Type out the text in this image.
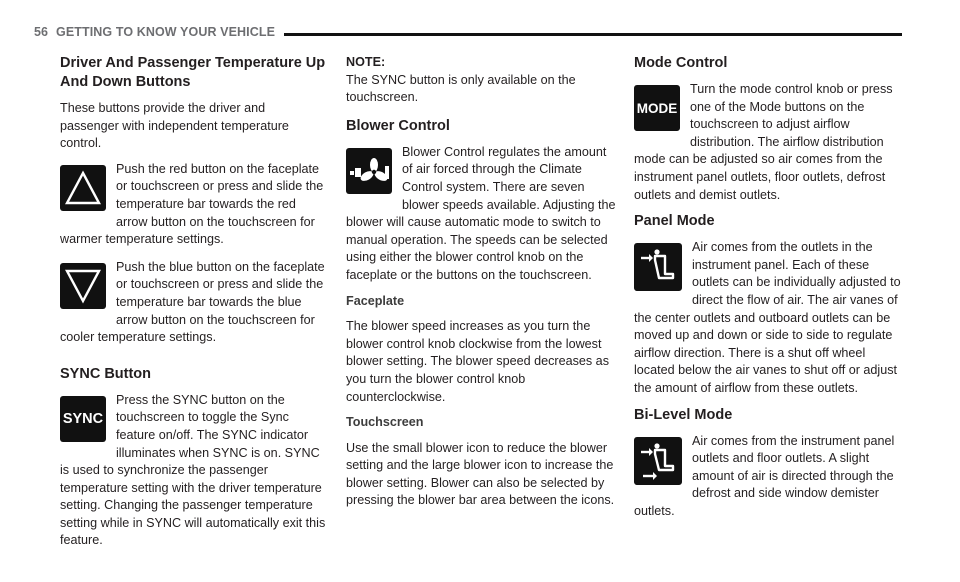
56 GETTING TO KNOW YOUR VEHICLE
Driver And Passenger Temperature Up And Down Buttons

These buttons provide the driver and passenger with independent temperature control.

Push the red button on the faceplate or touchscreen or press and slide the temperature bar towards the red arrow button on the touchscreen for warmer temperature settings.

Push the blue button on the faceplate or touchscreen or press and slide the temperature bar towards the blue arrow button on the touchscreen for cooler temperature settings.

SYNC Button
SYNC

Press the SYNC button on the touchscreen to toggle the Sync feature on/off. The SYNC indicator illuminates when SYNC is on. SYNC is used to synchronize the passenger temperature setting with the driver temperature setting. Changing the passenger temperature setting while in SYNC will automatically exit this feature.

NOTE:
The SYNC button is only available on the touchscreen.

Blower Control

Blower Control regulates the amount of air forced through the Climate Control system. There are seven blower speeds available. Adjusting the blower will cause automatic mode to switch to manual operation. The speeds can be selected using either the blower control knob on the faceplate or the buttons on the touchscreen.

Faceplate

The blower speed increases as you turn the blower control knob clockwise from the lowest blower setting. The blower speed decreases as you turn the blower control knob counterclockwise.

Touchscreen

Use the small blower icon to reduce the blower setting and the large blower icon to increase the blower setting. Blower can also be selected by pressing the blower bar area between the icons.

Mode Control
MODE

Turn the mode control knob or press one of the Mode buttons on the touchscreen to adjust airflow distribution. The airflow distribution mode can be adjusted so air comes from the instrument panel outlets, floor outlets, defrost outlets and demist outlets.

Panel Mode

Air comes from the outlets in the instrument panel. Each of these outlets can be individually adjusted to direct the flow of air. The air vanes of the center outlets and outboard outlets can be moved up and down or side to side to regulate airflow direction. There is a shut off wheel located below the air vanes to shut off or adjust the amount of airflow from these outlets.

Bi-Level Mode

Air comes from the instrument panel outlets and floor outlets. A slight amount of air is directed through the defrost and side window demister outlets.
